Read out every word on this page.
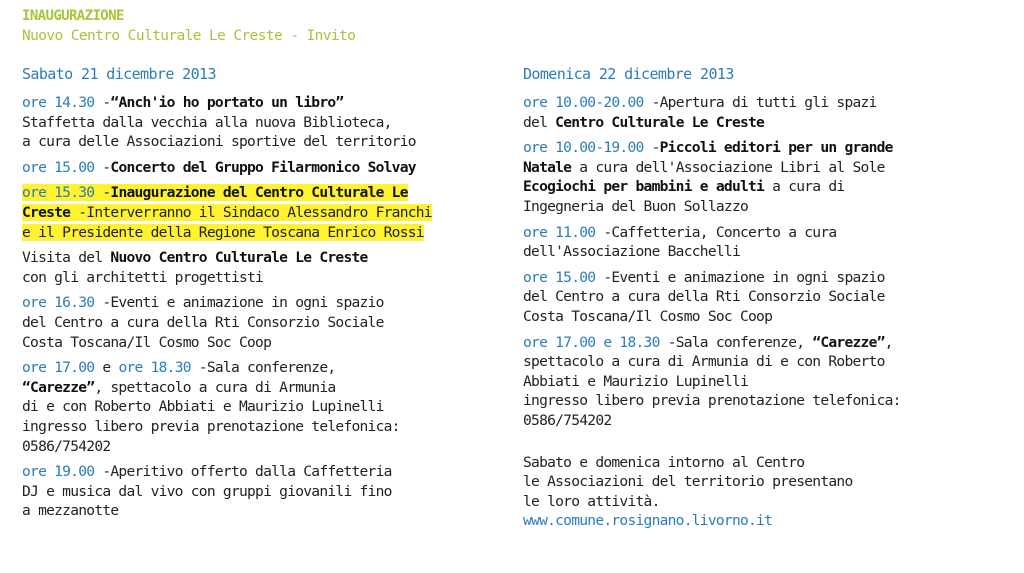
INAUGURAZIONE
Nuovo Centro Culturale Le Creste - Invito
Sabato 21 dicembre 2013
ore 14.30 -“Anch'io ho portato un libro”
Staffetta dalla vecchia alla nuova Biblioteca,
a cura delle Associazioni sportive del territorio
ore 15.00 -Concerto del Gruppo Filarmonico Solvay
ore 15.30 -Inaugurazione del Centro Culturale Le
Creste -Interverranno il Sindaco Alessandro Franchi
e il Presidente della Regione Toscana Enrico Rossi
Visita del Nuovo Centro Culturale Le Creste
con gli architetti progettisti
ore 16.30 -Eventi e animazione in ogni spazio
del Centro a cura della Rti Consorzio Sociale
Costa Toscana/Il Cosmo Soc Coop
ore 17.00 e ore 18.30 -Sala conferenze,
“Carezze”, spettacolo a cura di Armunia
di e con Roberto Abbiati e Maurizio Lupinelli
ingresso libero previa prenotazione telefonica:
0586/754202
ore 19.00 -Aperitivo offerto dalla Caffetteria
DJ e musica dal vivo con gruppi giovanili fino
a mezzanotte
Domenica 22 dicembre 2013
ore 10.00-20.00 -Apertura di tutti gli spazi
del Centro Culturale Le Creste
ore 10.00-19.00 -Piccoli editori per un grande
Natale a cura dell'Associazione Libri al Sole
Ecogiochi per bambini e adulti a cura di
Ingegneria del Buon Sollazzo
ore 11.00 -Caffetteria, Concerto a cura
dell'Associazione Bacchelli
ore 15.00 -Eventi e animazione in ogni spazio
del Centro a cura della Rti Consorzio Sociale
Costa Toscana/Il Cosmo Soc Coop
ore 17.00 e 18.30 -Sala conferenze, “Carezze”,
spettacolo a cura di Armunia di e con Roberto
Abbiati e Maurizio Lupinelli
ingresso libero previa prenotazione telefonica:
0586/754202
Sabato e domenica intorno al Centro
le Associazioni del territorio presentano
le loro attività.
www.comune.rosignano.livorno.it
